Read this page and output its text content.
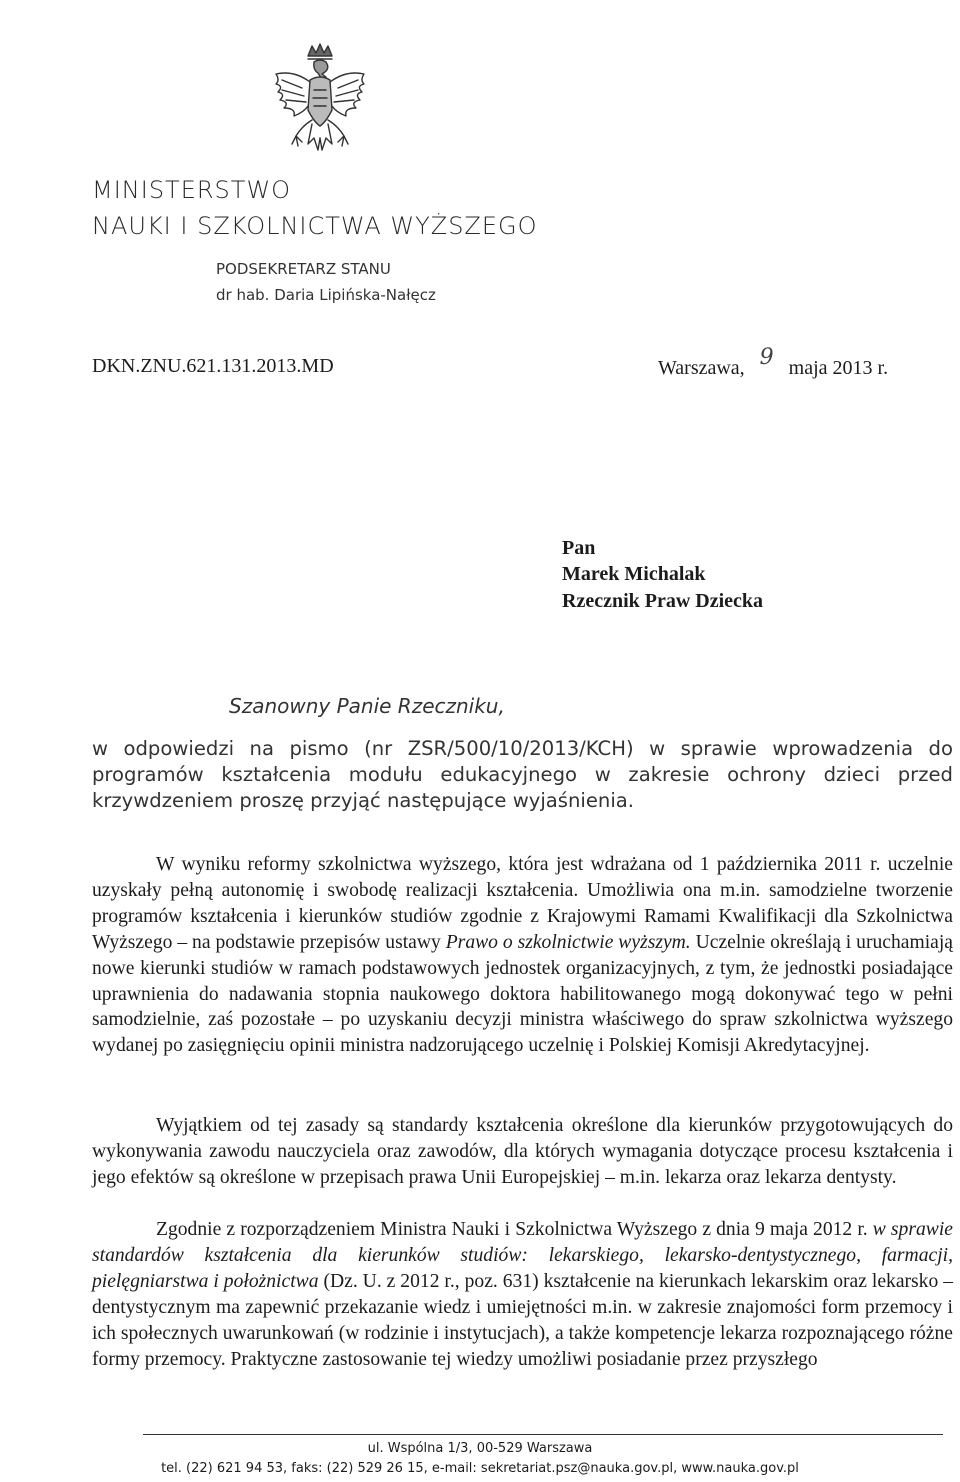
MINISTERSTWO
NAUKI I SZKOLNICTWA WYŻSZEGO
PODSEKRETARZ STANU
dr hab. Daria Lipińska-Nałęcz
DKN.ZNU.621.131.2013.MD	Warszawa, 9 maja 2013 r.
Pan
Marek Michalak
Rzecznik Praw Dziecka
Szanowny Panie Rzeczniku,

w odpowiedzi na pismo (nr ZSR/500/10/2013/KCH) w sprawie wprowadzenia do programów kształcenia modułu edukacyjnego w zakresie ochrony dzieci przed krzywdzeniem proszę przyjąć następujące wyjaśnienia.

W wyniku reformy szkolnictwa wyższego, która jest wdrażana od 1 października 2011 r. uczelnie uzyskały pełną autonomię i swobodę realizacji kształcenia. Umożliwia ona m.in. samodzielne tworzenie programów kształcenia i kierunków studiów zgodnie z Krajowymi Ramami Kwalifikacji dla Szkolnictwa Wyższego – na podstawie przepisów ustawy Prawo o szkolnictwie wyższym. Uczelnie określają i uruchamiają nowe kierunki studiów w ramach podstawowych jednostek organizacyjnych, z tym, że jednostki posiadające uprawnienia do nadawania stopnia naukowego doktora habilitowanego mogą dokonywać tego w pełni samodzielnie, zaś pozostałe – po uzyskaniu decyzji ministra właściwego do spraw szkolnictwa wyższego wydanej po zasięgnięciu opinii ministra nadzorującego uczelnię i Polskiej Komisji Akredytacyjnej.

Wyjątkiem od tej zasady są standardy kształcenia określone dla kierunków przygotowujących do wykonywania zawodu nauczyciela oraz zawodów, dla których wymagania dotyczące procesu kształcenia i jego efektów są określone w przepisach prawa Unii Europejskiej – m.in. lekarza oraz lekarza dentysty.

Zgodnie z rozporządzeniem Ministra Nauki i Szkolnictwa Wyższego z dnia 9 maja 2012 r. w sprawie standardów kształcenia dla kierunków studiów: lekarskiego, lekarsko-dentystycznego, farmacji, pielęgniarstwa i położnictwa (Dz. U. z 2012 r., poz. 631) kształcenie na kierunkach lekarskim oraz lekarsko – dentystycznym ma zapewnić przekazanie wiedz i umiejętności m.in. w zakresie znajomości form przemocy i ich społecznych uwarunkowań (w rodzinie i instytucjach), a także kompetencje lekarza rozpoznającego różne formy przemocy. Praktyczne zastosowanie tej wiedzy umożliwi posiadanie przez przyszłego

ul. Wspólna 1/3, 00-529 Warszawa
tel. (22) 621 94 53, faks: (22) 529 26 15, e-mail: sekretariat.psz@nauka.gov.pl, www.nauka.gov.pl
